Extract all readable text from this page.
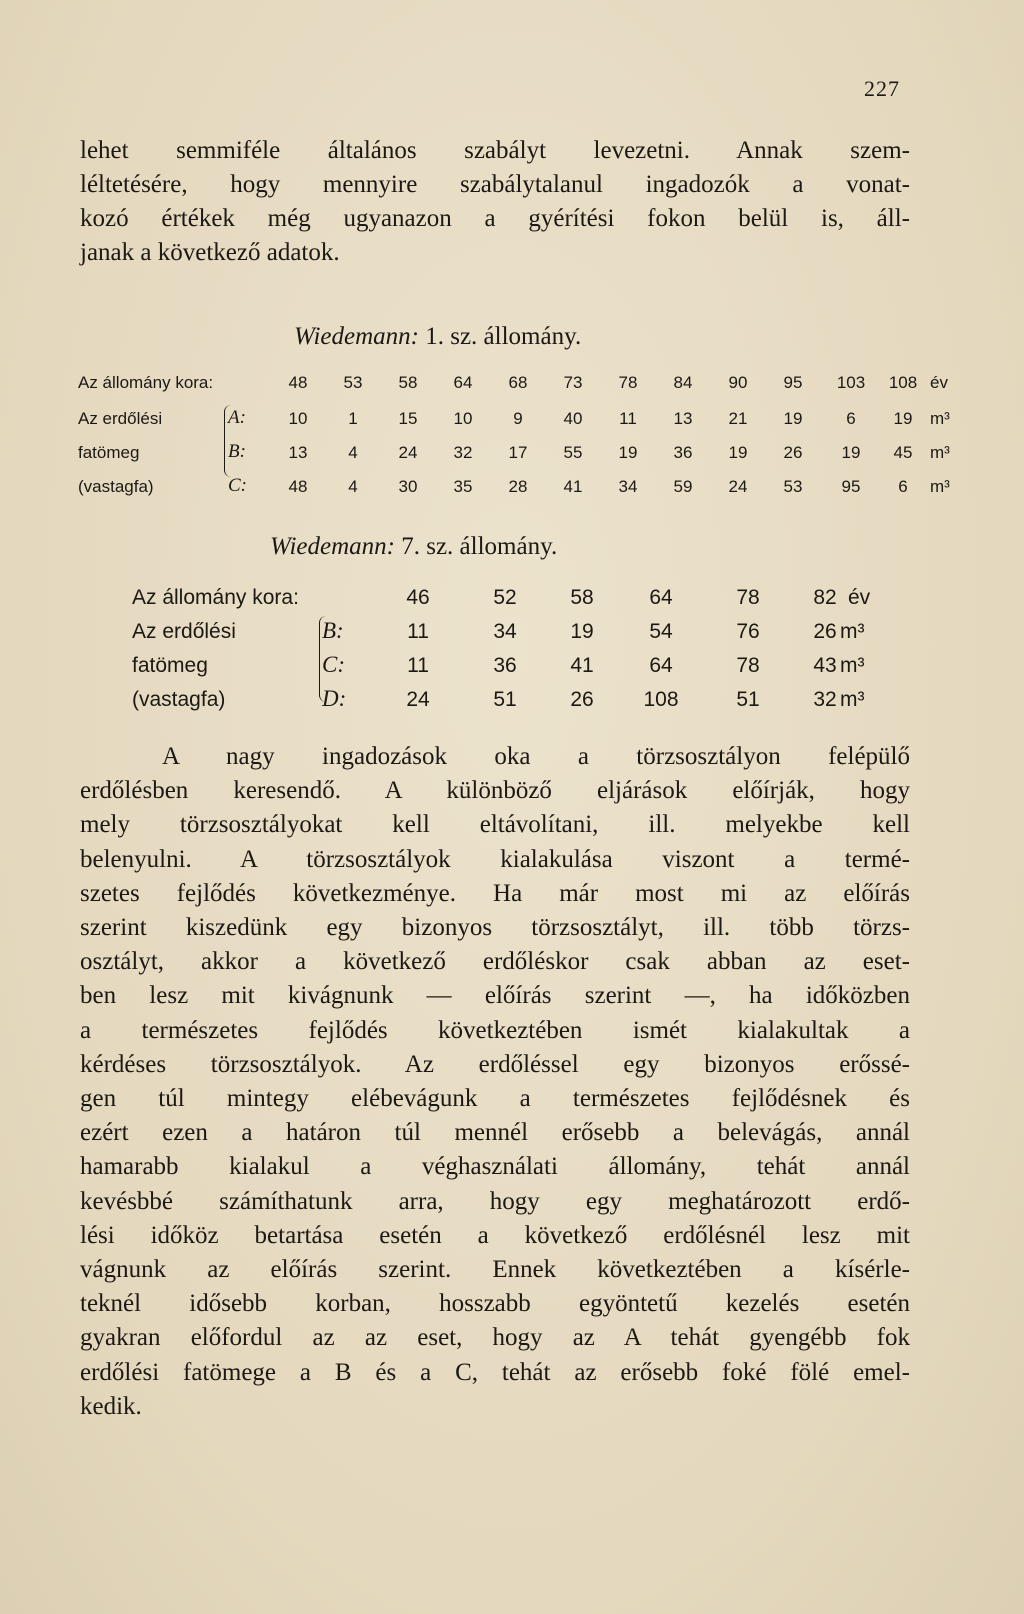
227
lehet semmiféle általános szabályt levezetni. Annak szem-
léltetésére, hogy mennyire szabálytalanul ingadozók a vonat-
kozó értékek még ugyanazon a gyérítési fokon belül is, áll-
janak a következő adatok.
Wiedemann: 1. sz. állomány.
Az állomány kora:	48	53	58	64	68	73	78	84	90	95	103	108 év
Az erdőlési	A:	10	1	15	10	9	40	11	13	21	19	6	19	m³
fatömeg	B:	13	4	24	32	17	55	19	36	19	26	19	45	m³
(vastagfa)	C:	48	4	30	35	28	41	34	59	24	53	95	6	m³
Wiedemann: 7. sz. állomány.
Az állomány kora:	46	52	58	64	78	82 év
Az erdőlési	B:	11	34	19	54	76	26 m³
fatömeg	C:	11	36	41	64	78	43 m³
(vastagfa)	D:	24	51	26	108	51	32 m³
A nagy ingadozások oka a törzsosztályon felépülő
erdőlésben keresendő. A különböző eljárások előírják, hogy
mely törzsosztályokat kell eltávolítani, ill. melyekbe kell
belenyulni. A törzsosztályok kialakulása viszont a termé-
szetes fejlődés következménye. Ha már most mi az előírás
szerint kiszedünk egy bizonyos törzsosztályt, ill. több törzs-
osztályt, akkor a következő erdőléskor csak abban az eset-
ben lesz mit kivágnunk — előírás szerint —, ha időközben
a természetes fejlődés következtében ismét kialakultak a
kérdéses törzsosztályok. Az erdőléssel egy bizonyos erőssé-
gen túl mintegy elébevágunk a természetes fejlődésnek és
ezért ezen a határon túl mennél erősebb a belevágás, annál
hamarabb kialakul a véghasználati állomány, tehát annál
kevésbbé számíthatunk arra, hogy egy meghatározott erdő-
lési időköz betartása esetén a következő erdőlésnél lesz mit
vágnunk az előírás szerint. Ennek következtében a kísérle-
teknél idősebb korban, hosszabb egyöntetű kezelés esetén
gyakran előfordul az az eset, hogy az A tehát gyengébb fok
erdőlési fatömege a B és a C, tehát az erősebb foké fölé emel-
kedik.
